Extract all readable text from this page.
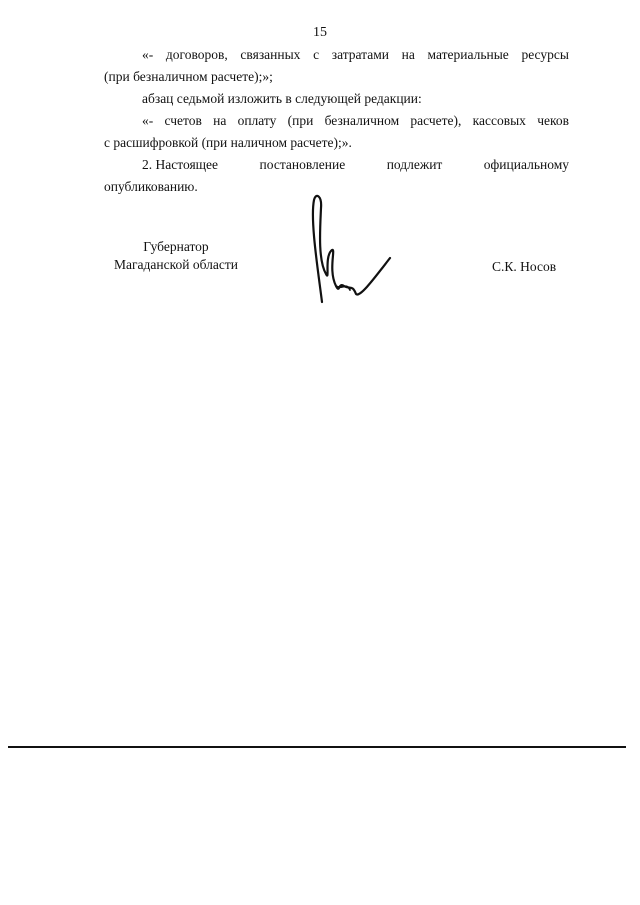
15
«- договоров, связанных с затратами на материальные ресурсы
(при безналичном расчете);»;
абзац седьмой изложить в следующей редакции:
«- счетов на оплату (при безналичном расчете), кассовых чеков
с расшифровкой (при наличном расчете);».
2. Настоящее	постановление	подлежит	официальному
опубликованию.
Губернатор
Магаданской области	С.К. Носов
